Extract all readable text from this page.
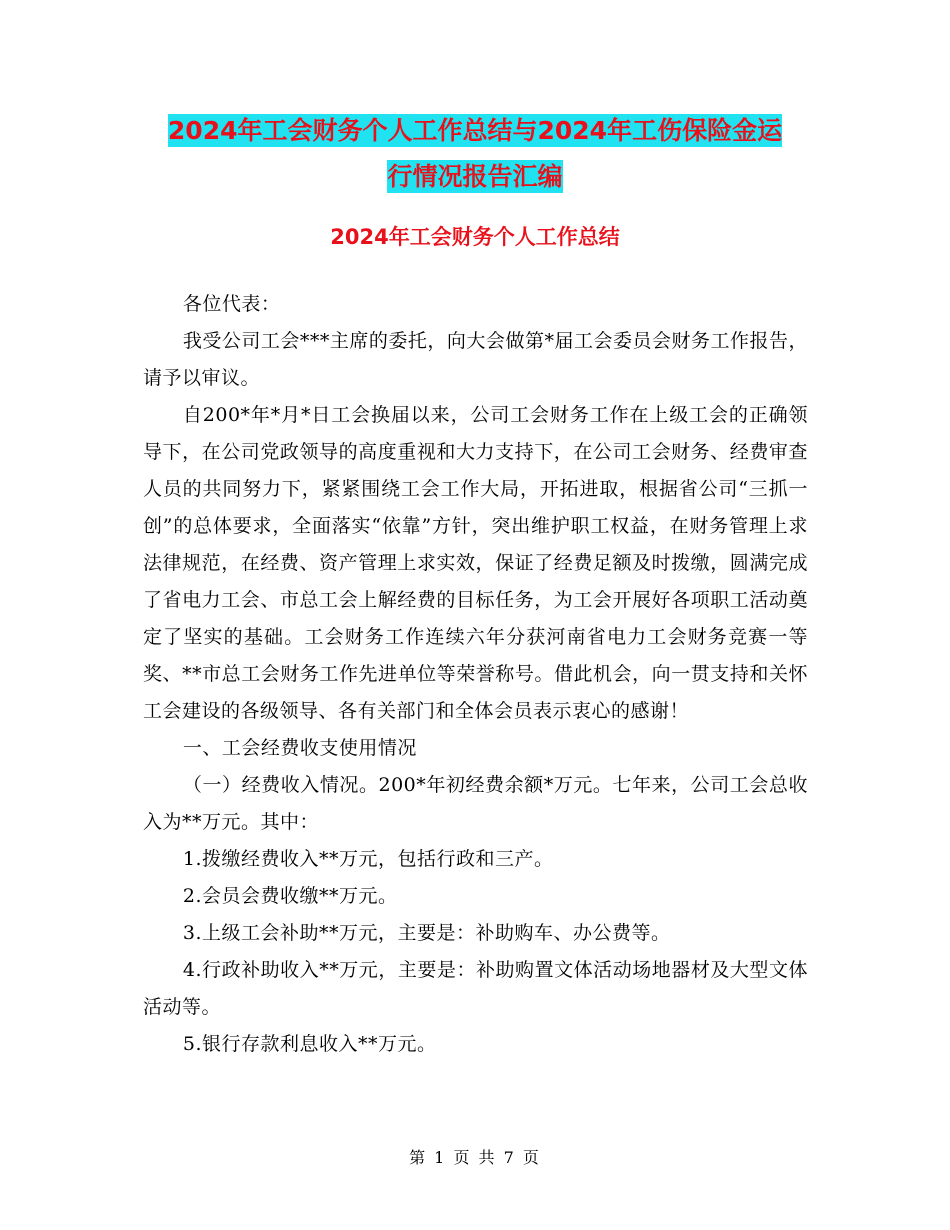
2024年工会财务个人工作总结与2024年工伤保险金运
行情况报告汇编
2024年工会财务个人工作总结

各位代表：

我受公司工会***主席的委托，向大会做第*届工会委员会财务工作报告，请予以审议。

自200*年*月*日工会换届以来，公司工会财务工作在上级工会的正确领导下，在公司党政领导的高度重视和大力支持下，在公司工会财务、经费审查人员的共同努力下，紧紧围绕工会工作大局，开拓进取，根据省公司“三抓一创”的总体要求，全面落实“依靠”方针，突出维护职工权益，在财务管理上求法律规范，在经费、资产管理上求实效，保证了经费足额及时拨缴，圆满完成了省电力工会、市总工会上解经费的目标任务，为工会开展好各项职工活动奠定了坚实的基础。工会财务工作连续六年分获河南省电力工会财务竞赛一等奖、**市总工会财务工作先进单位等荣誉称号。借此机会，向一贯支持和关怀工会建设的各级领导、各有关部门和全体会员表示衷心的感谢！

一、工会经费收支使用情况

（一）经费收入情况。200*年初经费余额*万元。七年来，公司工会总收入为**万元。其中：

1.拨缴经费收入**万元，包括行政和三产。

2.会员会费收缴**万元。

3.上级工会补助**万元，主要是：补助购车、办公费等。

4.行政补助收入**万元，主要是：补助购置文体活动场地器材及大型文体活动等。

5.银行存款利息收入**万元。

第 1 页 共 7 页
